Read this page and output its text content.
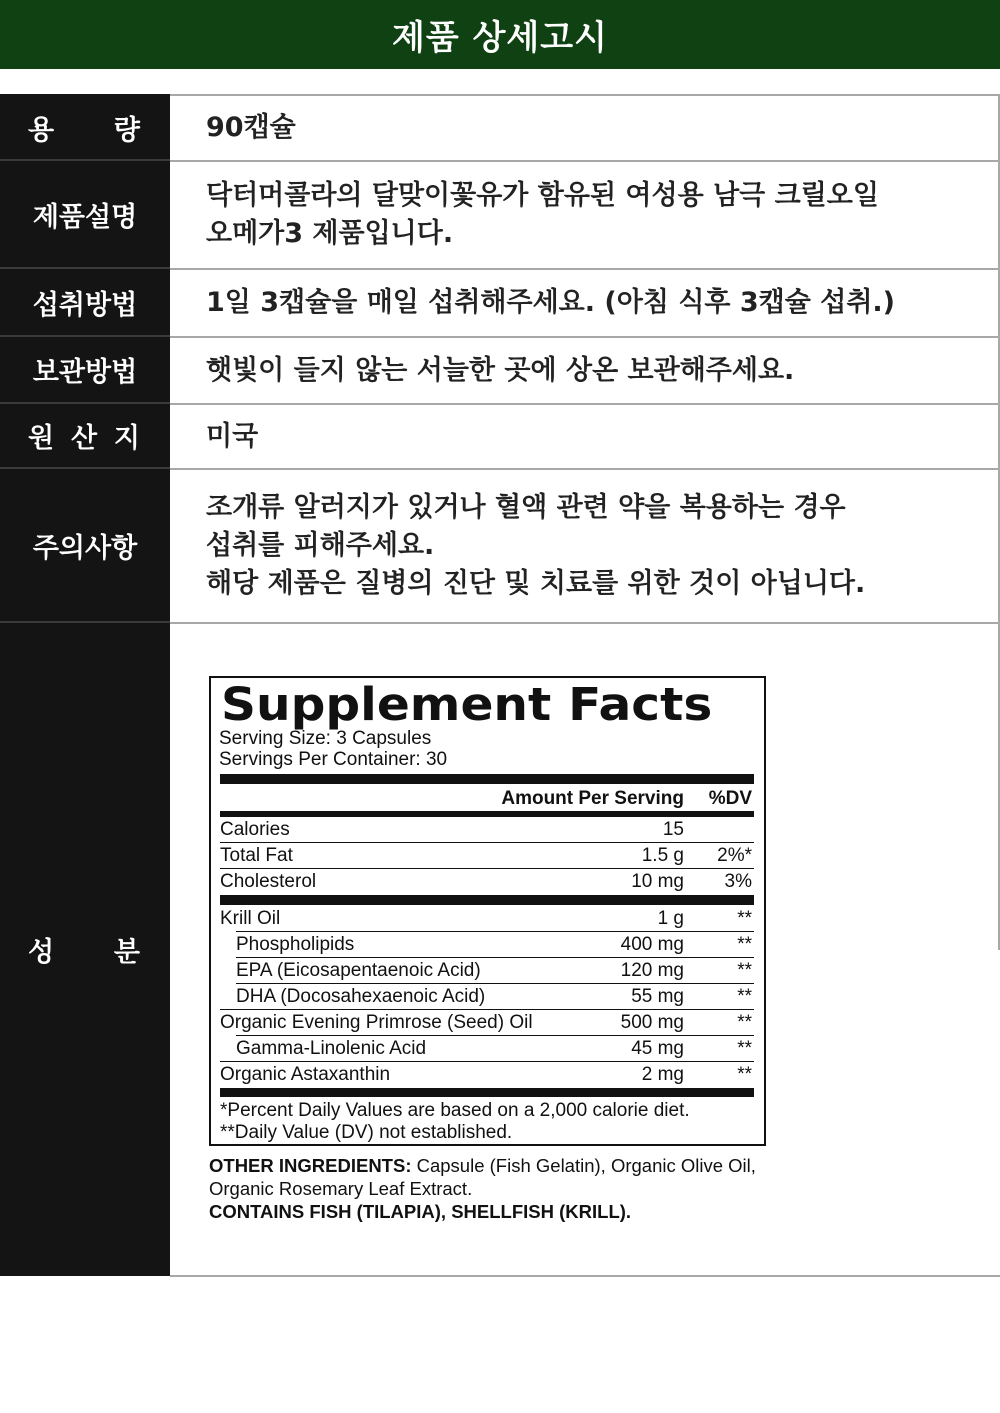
제품 상세고시
용 량 90캡슐
제품설명
닥터머콜라의 달맞이꽃유가 함유된 여성용 남극 크릴오일
오메가3 제품입니다.
섭취방법	1일 3캡슐을 매일 섭취해주세요. (아침 식후 3캡슐 섭취.)
보관방법	햇빛이 들지 않는 서늘한 곳에 상온 보관해주세요.
원 산 지 미국
주의사항
조개류 알러지가 있거나 혈액 관련 약을 복용하는 경우
섭취를 피해주세요.
해당 제품은 질병의 진단 및 치료를 위한 것이 아닙니다.
성 분
Supplement Facts
Serving Size: 3 Capsules
Servings Per Container: 30
Amount Per Serving %DV
Calories	15
Total Fat	1.5 g 2%*
Cholesterol	10 mg 3%
Krill Oil	1 g	**
Phospholipids	400 mg	**
EPA (Eicosapentaenoic Acid)	120 mg	**
DHA (Docosahexaenoic Acid)	55 mg	**
Organic Evening Primrose (Seed) Oil	500 mg	**
Gamma-Linolenic Acid	45 mg	**
Organic Astaxanthin	2 mg	**
*Percent Daily Values are based on a 2,000 calorie diet.
**Daily Value (DV) not established.
OTHER INGREDIENTS: Capsule (Fish Gelatin), Organic Olive Oil,
Organic Rosemary Leaf Extract.
CONTAINS FISH (TILAPIA), SHELLFISH (KRILL).
